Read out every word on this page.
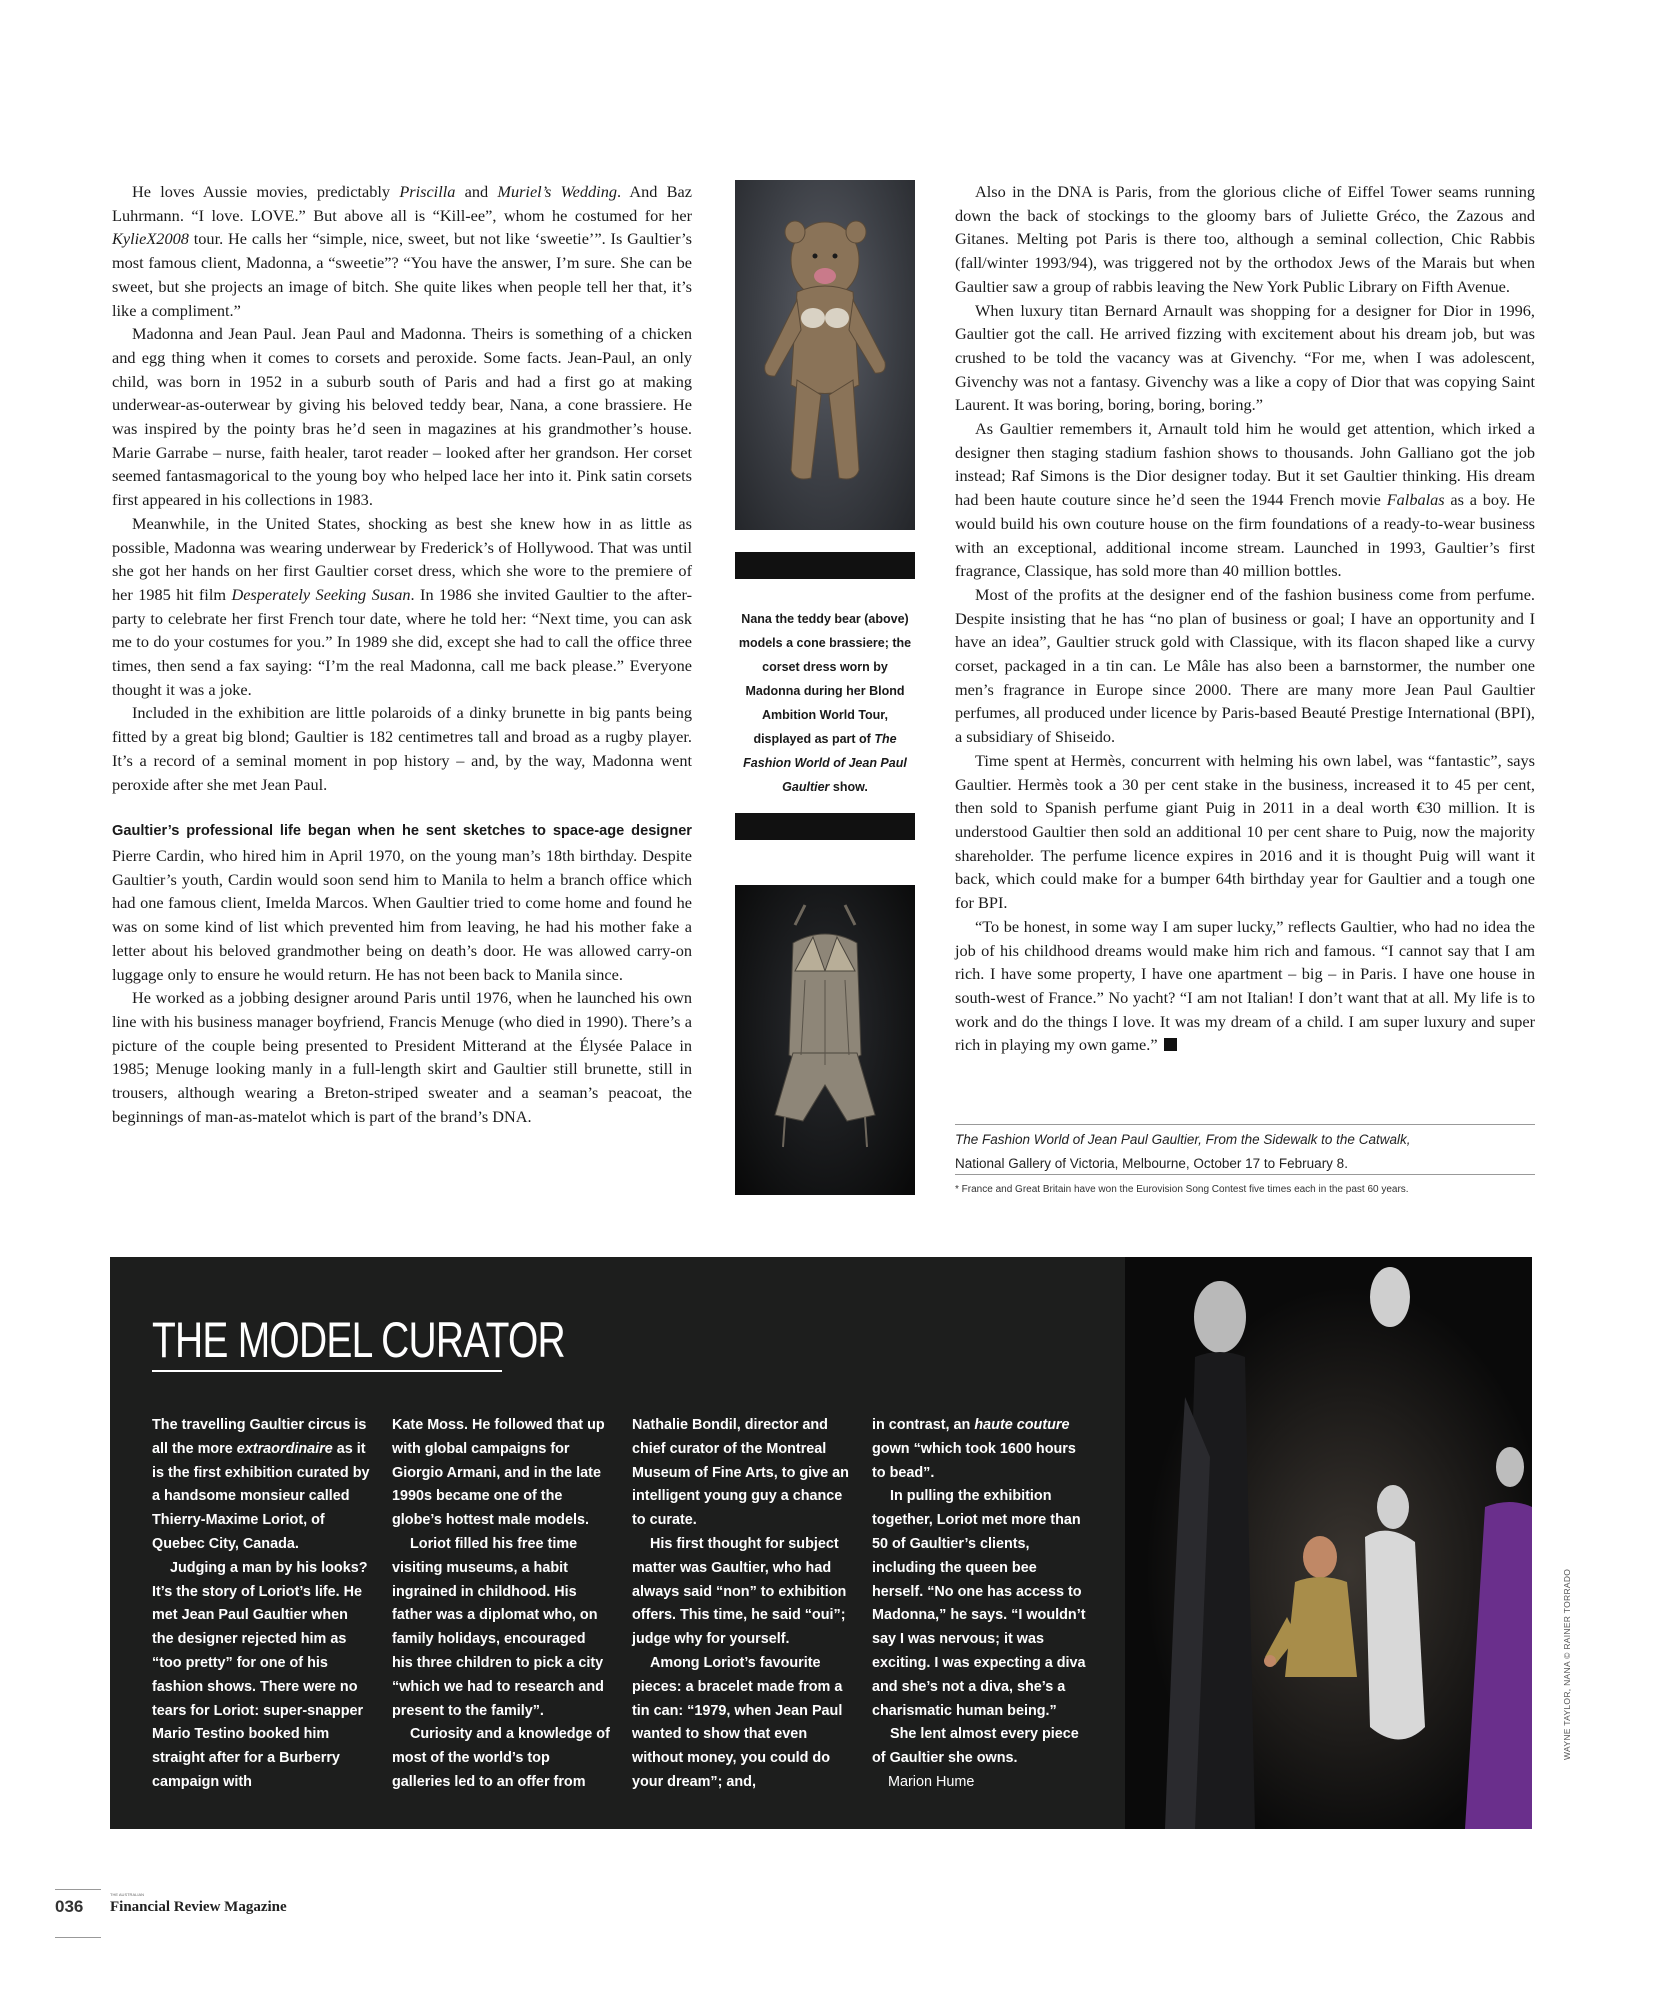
He loves Aussie movies, predictably Priscilla and Muriel’s Wedding. And Baz Luhrmann. “I love. LOVE.” But above all is “Kill-ee”, whom he costumed for her KylieX2008 tour. He calls her “simple, nice, sweet, but not like ‘sweetie’”. Is Gaultier’s most famous client, Madonna, a “sweetie”? “You have the answer, I’m sure. She can be sweet, but she projects an image of bitch. She quite likes when people tell her that, it’s like a compliment.”

Madonna and Jean Paul. Jean Paul and Madonna. Theirs is something of a chicken and egg thing when it comes to corsets and peroxide. Some facts. Jean-Paul, an only child, was born in 1952 in a suburb south of Paris and had a first go at making underwear-as-outerwear by giving his beloved teddy bear, Nana, a cone brassiere. He was inspired by the pointy bras he’d seen in magazines at his grandmother’s house. Marie Garrabe – nurse, faith healer, tarot reader – looked after her grandson. Her corset seemed fantasmagorical to the young boy who helped lace her into it. Pink satin corsets first appeared in his collections in 1983.

Meanwhile, in the United States, shocking as best she knew how in as little as possible, Madonna was wearing underwear by Frederick’s of Hollywood. That was until she got her hands on her first Gaultier corset dress, which she wore to the premiere of her 1985 hit film Desperately Seeking Susan. In 1986 she invited Gaultier to the after-party to celebrate her first French tour date, where he told her: “Next time, you can ask me to do your costumes for you.” In 1989 she did, except she had to call the office three times, then send a fax saying: “I’m the real Madonna, call me back please.” Everyone thought it was a joke.

Included in the exhibition are little polaroids of a dinky brunette in big pants being fitted by a great big blond; Gaultier is 182 centimetres tall and broad as a rugby player. It’s a record of a seminal moment in pop history – and, by the way, Madonna went peroxide after she met Jean Paul.

Gaultier’s professional life began when he sent sketches to space-age designer Pierre Cardin, who hired him in April 1970, on the young man’s 18th birthday. Despite Gaultier’s youth, Cardin would soon send him to Manila to helm a branch office which had one famous client, Imelda Marcos. When Gaultier tried to come home and found he was on some kind of list which prevented him from leaving, he had his mother fake a letter about his beloved grandmother being on death’s door. He was allowed carry-on luggage only to ensure he would return. He has not been back to Manila since.

He worked as a jobbing designer around Paris until 1976, when he launched his own line with his business manager boyfriend, Francis Menuge (who died in 1990). There’s a picture of the couple being presented to President Mitterand at the Élysée Palace in 1985; Menuge looking manly in a full-length skirt and Gaultier still brunette, still in trousers, although wearing a Breton-striped sweater and a seaman’s peacoat, the beginnings of man-as-matelot which is part of the brand’s DNA.

Nana the teddy bear (above) models a cone brassiere; the corset dress worn by Madonna during her Blond Ambition World Tour, displayed as part of The Fashion World of Jean Paul Gaultier show.

Also in the DNA is Paris, from the glorious cliche of Eiffel Tower seams running down the back of stockings to the gloomy bars of Juliette Gréco, the Zazous and Gitanes. Melting pot Paris is there too, although a seminal collection, Chic Rabbis (fall/winter 1993/94), was triggered not by the orthodox Jews of the Marais but when Gaultier saw a group of rabbis leaving the New York Public Library on Fifth Avenue.

When luxury titan Bernard Arnault was shopping for a designer for Dior in 1996, Gaultier got the call. He arrived fizzing with excitement about his dream job, but was crushed to be told the vacancy was at Givenchy. “For me, when I was adolescent, Givenchy was not a fantasy. Givenchy was a like a copy of Dior that was copying Saint Laurent. It was boring, boring, boring, boring.”

As Gaultier remembers it, Arnault told him he would get attention, which irked a designer then staging stadium fashion shows to thousands. John Galliano got the job instead; Raf Simons is the Dior designer today. But it set Gaultier thinking. His dream had been haute couture since he’d seen the 1944 French movie Falbalas as a boy. He would build his own couture house on the firm foundations of a ready-to-wear business with an exceptional, additional income stream. Launched in 1993, Gaultier’s first fragrance, Classique, has sold more than 40 million bottles.

Most of the profits at the designer end of the fashion business come from perfume. Despite insisting that he has “no plan of business or goal; I have an opportunity and I have an idea”, Gaultier struck gold with Classique, with its flacon shaped like a curvy corset, packaged in a tin can. Le Mâle has also been a barnstormer, the number one men’s fragrance in Europe since 2000. There are many more Jean Paul Gaultier perfumes, all produced under licence by Paris-based Beauté Prestige International (BPI), a subsidiary of Shiseido.

Time spent at Hermès, concurrent with helming his own label, was “fantastic”, says Gaultier. Hermès took a 30 per cent stake in the business, increased it to 45 per cent, then sold to Spanish perfume giant Puig in 2011 in a deal worth €30 million. It is understood Gaultier then sold an additional 10 per cent share to Puig, now the majority shareholder. The perfume licence expires in 2016 and it is thought Puig will want it back, which could make for a bumper 64th birthday year for Gaultier and a tough one for BPI.

“To be honest, in some way I am super lucky,” reflects Gaultier, who had no idea the job of his childhood dreams would make him rich and famous. “I cannot say that I am rich. I have some property, I have one apartment – big – in Paris. I have one house in south-west of France.” No yacht? “I am not Italian! I don’t want that at all. My life is to work and do the things I love. It was my dream of a child. I am super luxury and super rich in playing my own game.”

The Fashion World of Jean Paul Gaultier, From the Sidewalk to the Catwalk,
National Gallery of Victoria, Melbourne, October 17 to February 8.
* France and Great Britain have won the Eurovision Song Contest five times each in the past 60 years.
THE MODEL CURATOR

The travelling Gaultier circus is all the more extraordinaire as it is the first exhibition curated by a handsome monsieur called Thierry-Maxime Loriot, of Quebec City, Canada.

Judging a man by his looks? It’s the story of Loriot’s life. He met Jean Paul Gaultier when the designer rejected him as “too pretty” for one of his fashion shows. There were no tears for Loriot: super-snapper Mario Testino booked him straight after for a Burberry campaign with

Kate Moss. He followed that up with global campaigns for Giorgio Armani, and in the late 1990s became one of the globe’s hottest male models.

Loriot filled his free time visiting museums, a habit ingrained in childhood. His father was a diplomat who, on family holidays, encouraged his three children to pick a city “which we had to research and present to the family”.

Curiosity and a knowledge of most of the world’s top galleries led to an offer from

Nathalie Bondil, director and chief curator of the Montreal Museum of Fine Arts, to give an intelligent young guy a chance to curate.

His first thought for subject matter was Gaultier, who had always said “non” to exhibition offers. This time, he said “oui”; judge why for yourself.

Among Loriot’s favourite pieces: a bracelet made from a tin can: “1979, when Jean Paul wanted to show that even without money, you could do your dream”; and,

in contrast, an haute couture gown “which took 1600 hours to bead”.

In pulling the exhibition together, Loriot met more than 50 of Gaultier’s clients, including the queen bee herself. “No one has access to Madonna,” he says. “I wouldn’t say I was nervous; it was exciting. I was expecting a diva and she’s not a diva, she’s a charismatic human being.”

She lent almost every piece of Gaultier she owns.

Marion Hume

WAYNE TAYLOR, NANA © RAINER TORRADO
036
THE AUSTRALIAN
Financial Review Magazine
